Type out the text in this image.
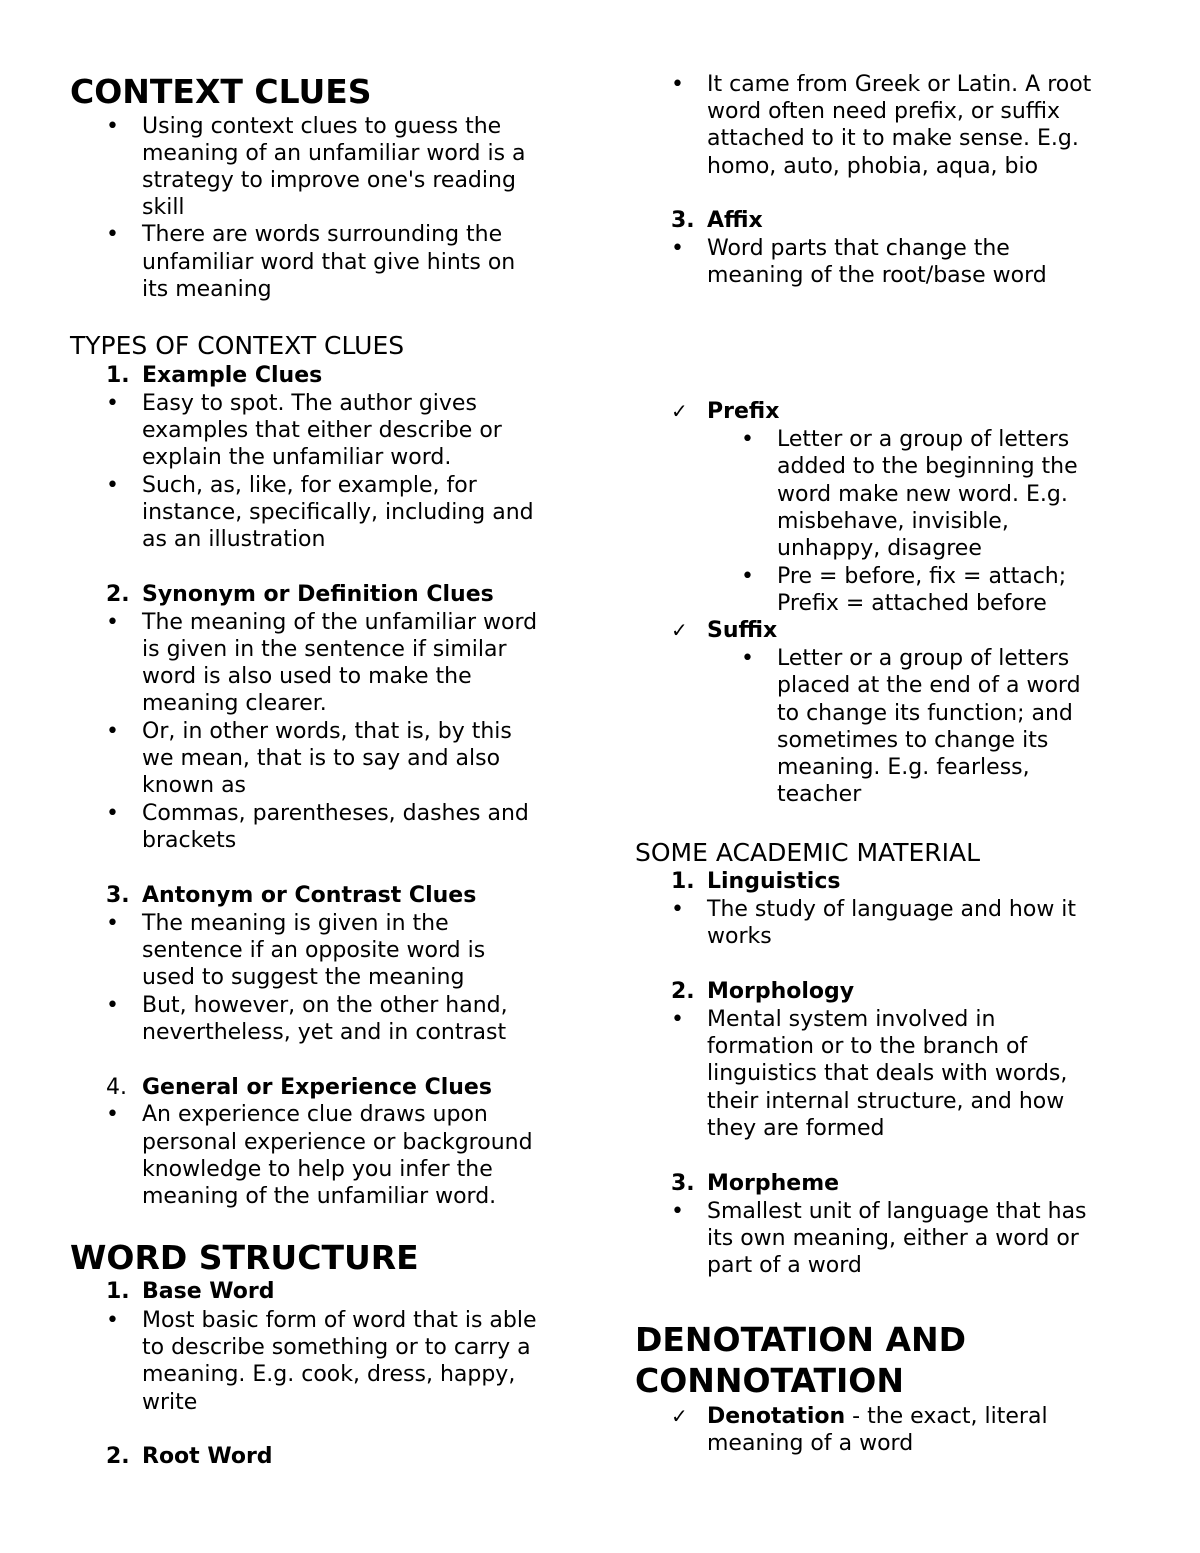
CONTEXT CLUES
• Using context clues to guess the
meaning of an unfamiliar word is a
strategy to improve one's reading
skill
• There are words surrounding the
unfamiliar word that give hints on
its meaning
TYPES OF CONTEXT CLUES
1. Example Clues
• Easy to spot. The author gives
examples that either describe or
explain the unfamiliar word.
• Such, as, like, for example, for
instance, specifically, including and
as an illustration
2. Synonym or Definition Clues
• The meaning of the unfamiliar word
is given in the sentence if similar
word is also used to make the
meaning clearer.
• Or, in other words, that is, by this
we mean, that is to say and also
known as
• Commas, parentheses, dashes and
brackets
3. Antonym or Contrast Clues
• The meaning is given in the
sentence if an opposite word is
used to suggest the meaning
• But, however, on the other hand,
nevertheless, yet and in contrast
4. General or Experience Clues
• An experience clue draws upon
personal experience or background
knowledge to help you infer the
meaning of the unfamiliar word.
WORD STRUCTURE
1. Base Word
• Most basic form of word that is able
to describe something or to carry a
meaning. E.g. cook, dress, happy,
write
2. Root Word
• It came from Greek or Latin. A root
word often need prefix, or suffix
attached to it to make sense. E.g.
homo, auto, phobia, aqua, bio
3. Affix
• Word parts that change the
meaning of the root/base word
✓ Prefix
• Letter or a group of letters
added to the beginning the
word make new word. E.g.
misbehave, invisible,
unhappy, disagree
• Pre = before, fix = attach;
Prefix = attached before
✓ Suffix
• Letter or a group of letters
placed at the end of a word
to change its function; and
sometimes to change its
meaning. E.g. fearless,
teacher
SOME ACADEMIC MATERIAL
1. Linguistics
• The study of language and how it
works
2. Morphology
• Mental system involved in
formation or to the branch of
linguistics that deals with words,
their internal structure, and how
they are formed
3. Morpheme
• Smallest unit of language that has
its own meaning, either a word or
part of a word
DENOTATION AND
CONNOTATION
✓ Denotation - the exact, literal
meaning of a word
